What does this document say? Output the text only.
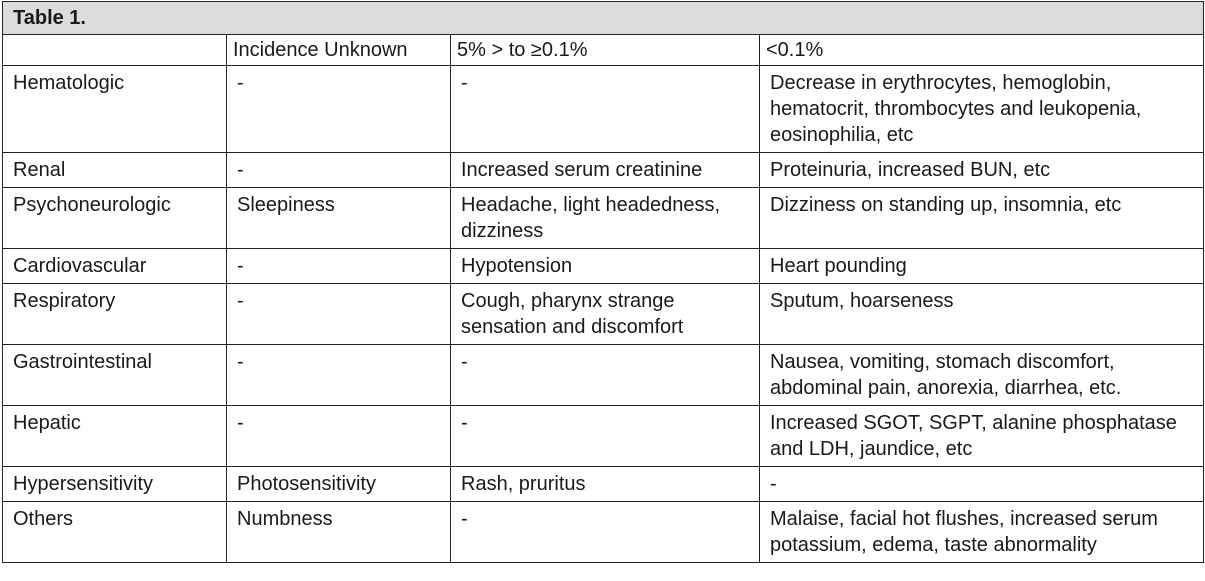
Table 1.			
	Incidence Unknown	5% > to ≥0.1%	<0.1%
Hematologic	-	-	Decrease in erythrocytes, hemoglobin, hematocrit, thrombocytes and leukopenia, eosinophilia, etc
Renal	-	Increased serum creatinine	Proteinuria, increased BUN, etc
Psychoneurologic	Sleepiness	Headache, light headedness, dizziness	Dizziness on standing up, insomnia, etc
Cardiovascular	-	Hypotension	Heart pounding
Respiratory	-	Cough, pharynx strange sensation and discomfort	Sputum, hoarseness
Gastrointestinal	-	-	Nausea, vomiting, stomach discomfort, abdominal pain, anorexia, diarrhea, etc.
Hepatic	-	-	Increased SGOT, SGPT, alanine phosphatase and LDH, jaundice, etc
Hypersensitivity	Photosensitivity	Rash, pruritus	-
Others	Numbness	-	Malaise, facial hot flushes, increased serum potassium, edema, taste abnormality
